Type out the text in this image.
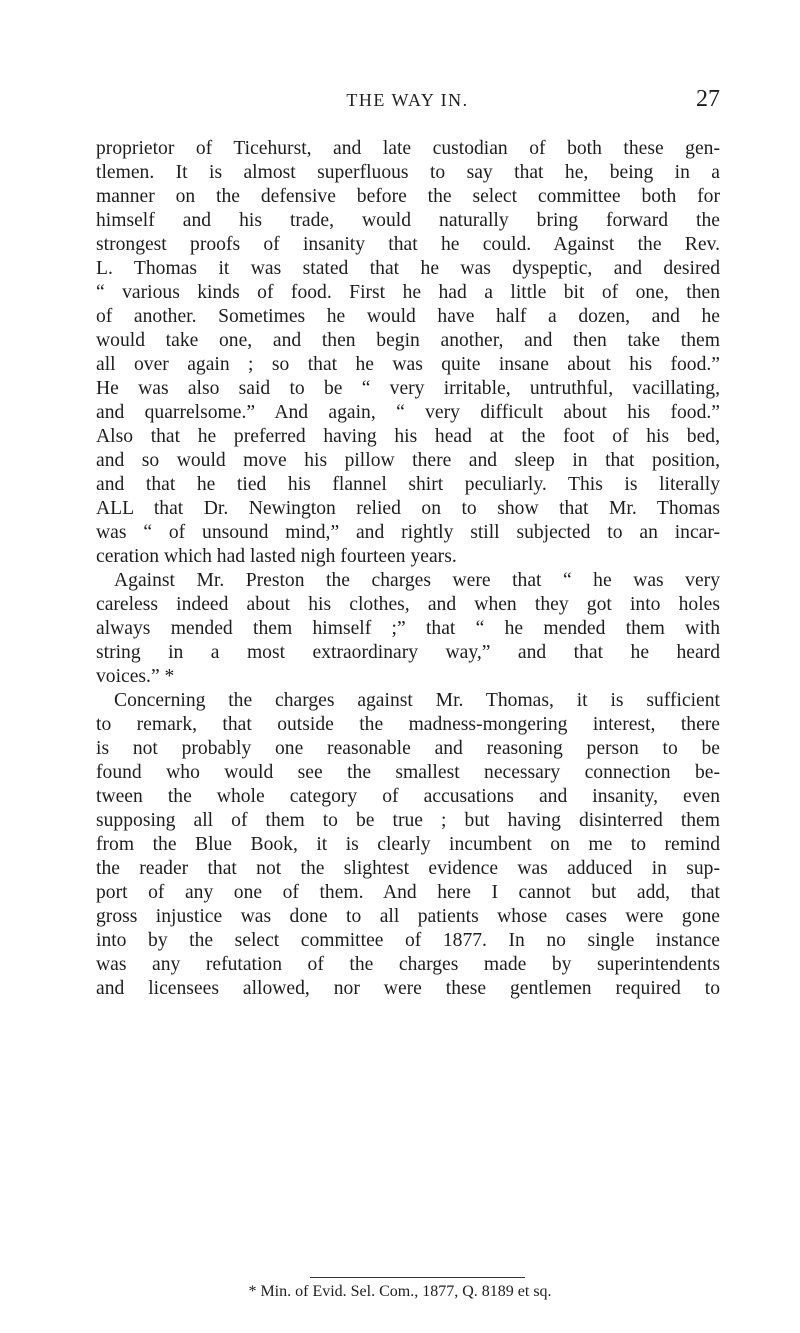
THE WAY IN.	27
proprietor of Ticehurst, and late custodian of both these gen-
tlemen. It is almost superfluous to say that he, being in a
manner on the defensive before the select committee both for
himself and his trade, would naturally bring forward the
strongest proofs of insanity that he could. Against the Rev.
L. Thomas it was stated that he was dyspeptic, and desired
“ various kinds of food. First he had a little bit of one, then
of another. Sometimes he would have half a dozen, and he
would take one, and then begin another, and then take them
all over again ; so that he was quite insane about his food.”
He was also said to be “ very irritable, untruthful, vacillating,
and quarrelsome.” And again, “ very difficult about his food.”
Also that he preferred having his head at the foot of his bed,
and so would move his pillow there and sleep in that position,
and that he tied his flannel shirt peculiarly. This is literally
ALL that Dr. Newington relied on to show that Mr. Thomas
was “ of unsound mind,” and rightly still subjected to an incar-
ceration which had lasted nigh fourteen years.
Against Mr. Preston the charges were that “ he was very
careless indeed about his clothes, and when they got into holes
always mended them himself ;” that “ he mended them with
string in a most extraordinary way,” and that he heard
voices.” *
Concerning the charges against Mr. Thomas, it is sufficient
to remark, that outside the madness-mongering interest, there
is not probably one reasonable and reasoning person to be
found who would see the smallest necessary connection be-
tween the whole category of accusations and insanity, even
supposing all of them to be true ; but having disinterred them
from the Blue Book, it is clearly incumbent on me to remind
the reader that not the slightest evidence was adduced in sup-
port of any one of them. And here I cannot but add, that
gross injustice was done to all patients whose cases were gone
into by the select committee of 1877. In no single instance
was any refutation of the charges made by superintendents
and licensees allowed, nor were these gentlemen required to
* Min. of Evid. Sel. Com., 1877, Q. 8189 et sq.
